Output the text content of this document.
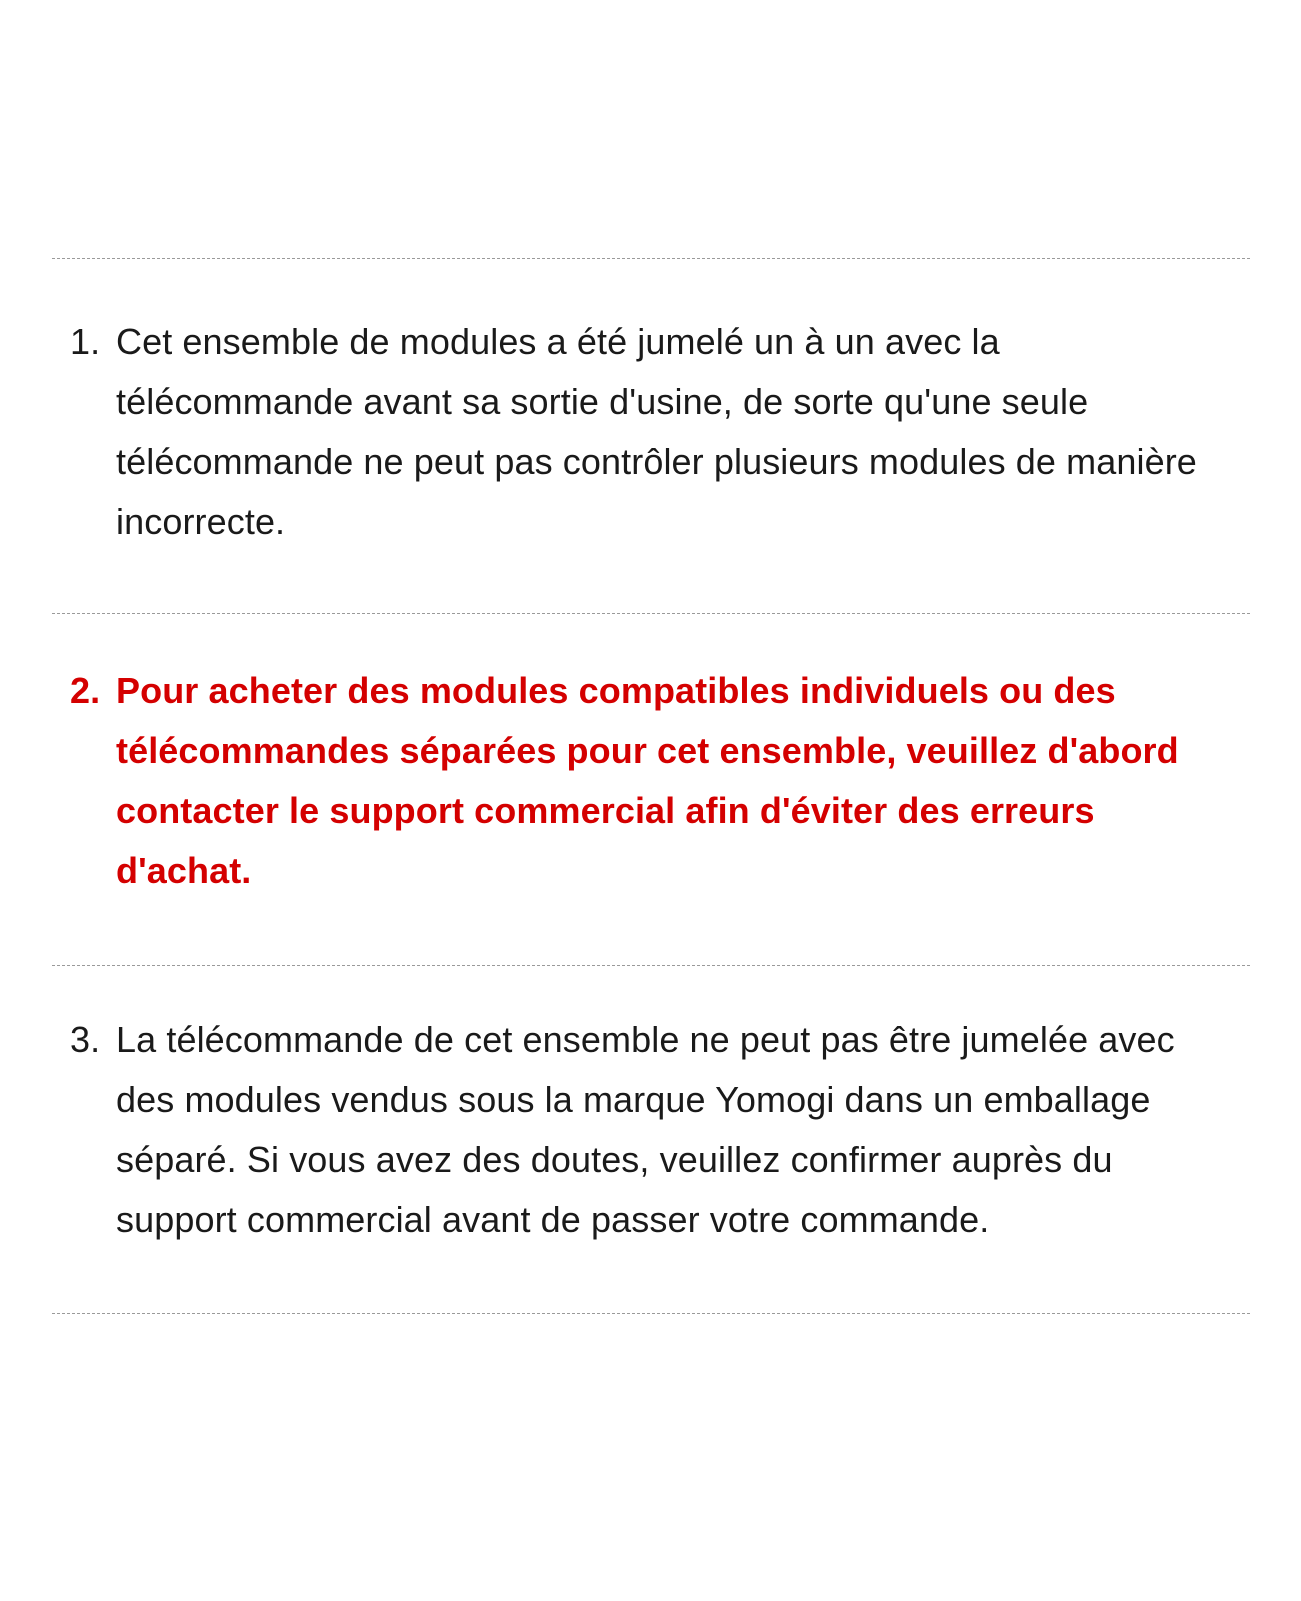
1. Cet ensemble de modules a été jumelé un à un avec la télécommande avant sa sortie d'usine, de sorte qu'une seule télécommande ne peut pas contrôler plusieurs modules de manière incorrecte.
2. Pour acheter des modules compatibles individuels ou des télécommandes séparées pour cet ensemble, veuillez d'abord contacter le support commercial afin d'éviter des erreurs d'achat.
3. La télécommande de cet ensemble ne peut pas être jumelée avec des modules vendus sous la marque Yomogi dans un emballage séparé. Si vous avez des doutes, veuillez confirmer auprès du support commercial avant de passer votre commande.
